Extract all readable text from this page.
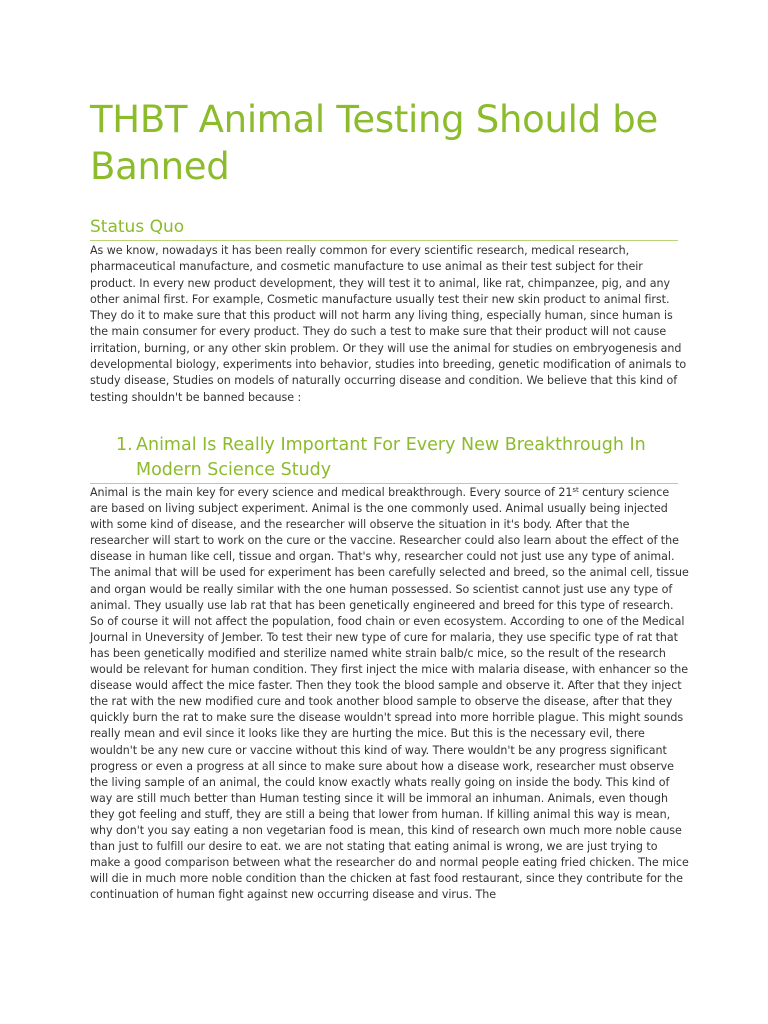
THBT Animal Testing Should be Banned
Status Quo

As we know, nowadays it has been really common for every scientific research, medical research, pharmaceutical manufacture, and cosmetic manufacture to use animal as their test subject for their product. In every new product development, they will test it to animal, like rat, chimpanzee, pig, and any other animal first. For example, Cosmetic manufacture usually test their new skin product to animal first. They do it to make sure that this product will not harm any living thing, especially human, since human is the main consumer for every product. They do such a test to make sure that their product will not cause irritation, burning, or any other skin problem. Or they will use the animal for studies on embryogenesis and developmental biology, experiments into behavior, studies into breeding, genetic modification of animals to study disease, Studies on models of naturally occurring disease and condition. We believe that this kind of testing shouldn't be banned because :

1. Animal Is Really Important For Every New Breakthrough In
Modern Science Study

Animal is the main key for every science and medical breakthrough. Every source of 21st century science are based on living subject experiment. Animal is the one commonly used. Animal usually being injected with some kind of disease, and the researcher will observe the situation in it's body. After that the researcher will start to work on the cure or the vaccine. Researcher could also learn about the effect of the disease in human like cell, tissue and organ. That's why, researcher could not just use any type of animal. The animal that will be used for experiment has been carefully selected and breed, so the animal cell, tissue and organ would be really similar with the one human possessed. So scientist cannot just use any type of animal. They usually use lab rat that has been genetically engineered and breed for this type of research. So of course it will not affect the population, food chain or even ecosystem. According to one of the Medical Journal in Uneversity of Jember. To test their new type of cure for malaria, they use specific type of rat that has been genetically modified and sterilize named white strain balb/c mice, so the result of the research would be relevant for human condition. They first inject the mice with malaria disease, with enhancer so the disease would affect the mice faster. Then they took the blood sample and observe it. After that they inject the rat with the new modified cure and took another blood sample to observe the disease, after that they quickly burn the rat to make sure the disease wouldn't spread into more horrible plague. This might sounds really mean and evil since it looks like they are hurting the mice. But this is the necessary evil, there wouldn't be any new cure or vaccine without this kind of way. There wouldn't be any progress significant progress or even a progress at all since to make sure about how a disease work, researcher must observe the living sample of an animal, the could know exactly whats really going on inside the body. This kind of way are still much better than Human testing since it will be immoral an inhuman. Animals, even though they got feeling and stuff, they are still a being that lower from human. If killing animal this way is mean, why don't you say eating a non vegetarian food is mean, this kind of research own much more noble cause than just to fulfill our desire to eat. we are not stating that eating animal is wrong, we are just trying to make a good comparison between what the researcher do and normal people eating fried chicken. The mice will die in much more noble condition than the chicken at fast food restaurant, since they contribute for the continuation of human fight against new occurring disease and virus. The
